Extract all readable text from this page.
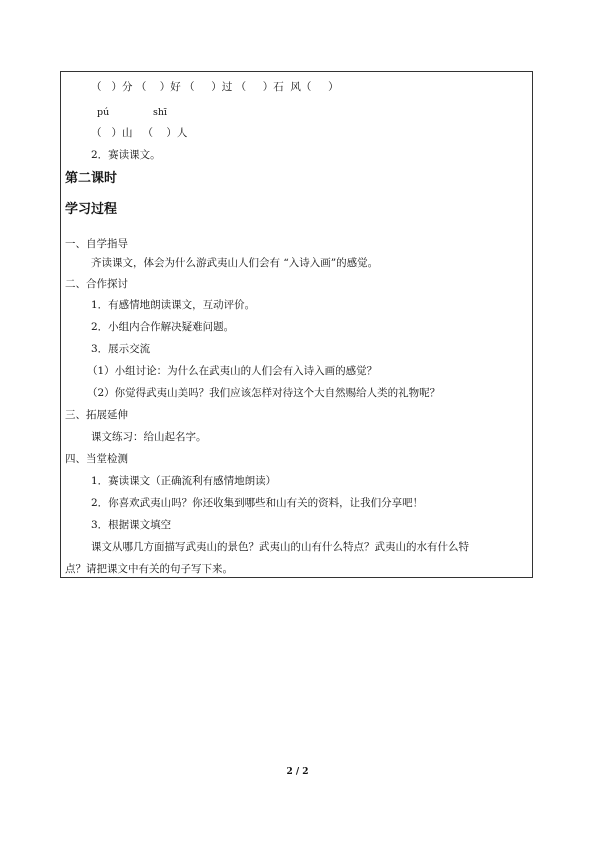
（   ）分 （    ）好 （     ）过 （     ）石  风（     ）
pú	shī
（   ）山   （    ）人
2．赛读课文。
第二课时
学习过程
一、自学指导
齐读课文，体会为什么游武夷山人们会有 “入诗入画”的感觉。
二、合作探讨
1．有感情地朗读课文，互动评价。
2．小组内合作解决疑难问题。
3．展示交流
（1）小组讨论：为什么在武夷山的人们会有入诗入画的感觉？
（2）你觉得武夷山美吗？我们应该怎样对待这个大自然赐给人类的礼物呢？
三、拓展延伸
课文练习：给山起名字。
四、当堂检测
1．赛读课文（正确流利有感情地朗读）
2．你喜欢武夷山吗？你还收集到哪些和山有关的资料，让我们分享吧！
3．根据课文填空
课文从哪几方面描写武夷山的景色？武夷山的山有什么特点？武夷山的水有什么特
点？请把课文中有关的句子写下来。
2 / 2
